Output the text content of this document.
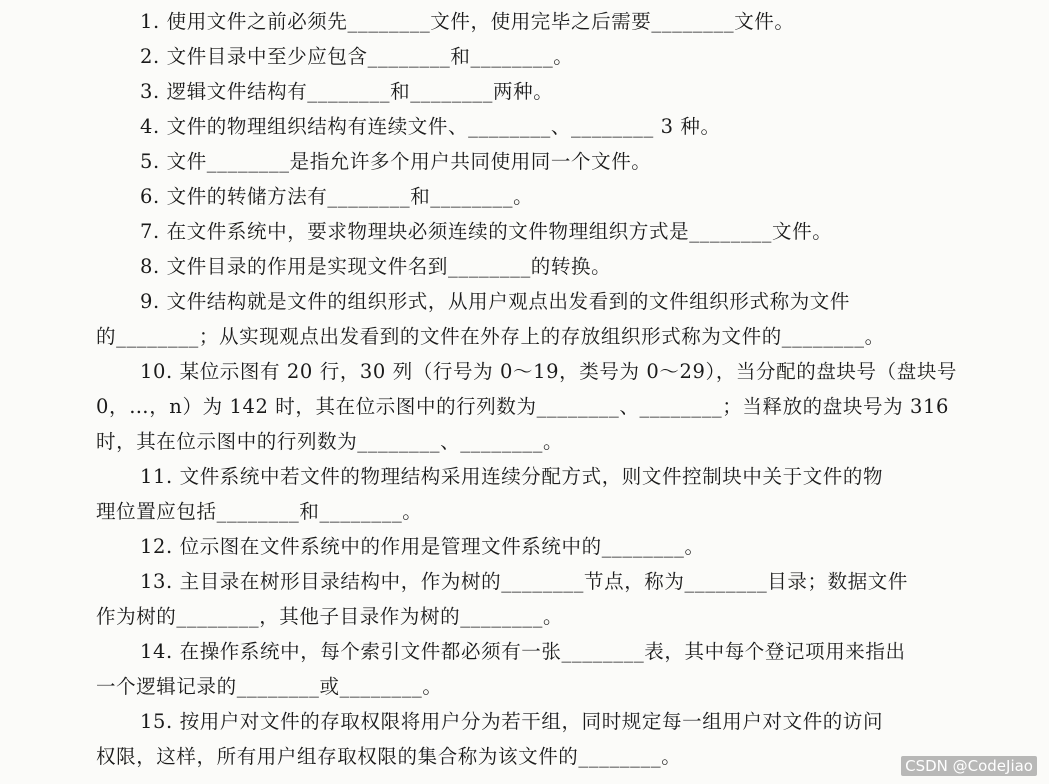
1. 使用文件之前必须先________文件，使用完毕之后需要________文件。
2. 文件目录中至少应包含________和________。
3. 逻辑文件结构有________和________两种。
4. 文件的物理组织结构有连续文件、________、________ 3 种。
5. 文件________是指允许多个用户共同使用同一个文件。
6. 文件的转储方法有________和________。
7. 在文件系统中，要求物理块必须连续的文件物理组织方式是________文件。
8. 文件目录的作用是实现文件名到________的转换。
9. 文件结构就是文件的组织形式，从用户观点出发看到的文件组织形式称为文件
的________；从实现观点出发看到的文件在外存上的存放组织形式称为文件的________。
10. 某位示图有 20 行，30 列（行号为 0～19，类号为 0～29），当分配的盘块号（盘块号
0，…，n）为 142 时，其在位示图中的行列数为________、________；当释放的盘块号为 316
时，其在位示图中的行列数为________、________。
11. 文件系统中若文件的物理结构采用连续分配方式，则文件控制块中关于文件的物
理位置应包括________和________。
12. 位示图在文件系统中的作用是管理文件系统中的________。
13. 主目录在树形目录结构中，作为树的________节点，称为________目录；数据文件
作为树的________，其他子目录作为树的________。
14. 在操作系统中，每个索引文件都必须有一张________表，其中每个登记项用来指出
一个逻辑记录的________或________。
15. 按用户对文件的存取权限将用户分为若干组，同时规定每一组用户对文件的访问
权限，这样，所有用户组存取权限的集合称为该文件的________。	CSDN @CodeJiao
